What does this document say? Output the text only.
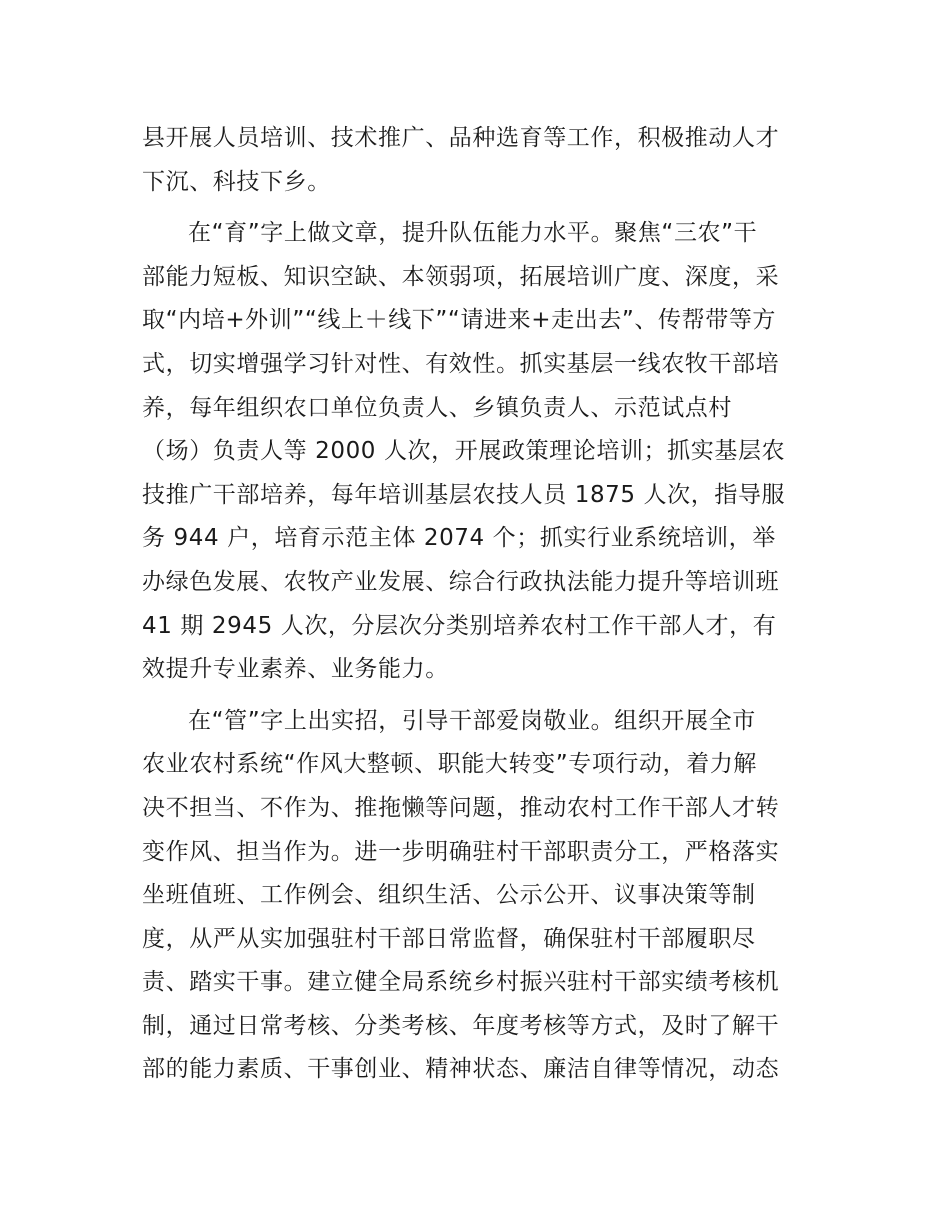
县开展人员培训、技术推广、品种选育等工作，积极推动人才
下沉、科技下乡。

在“育”字上做文章，提升队伍能力水平。聚焦“三农”干
部能力短板、知识空缺、本领弱项，拓展培训广度、深度，采
取“内培+外训”“线上＋线下”“请进来+走出去”、传帮带等方
式，切实增强学习针对性、有效性。抓实基层一线农牧干部培
养，每年组织农口单位负责人、乡镇负责人、示范试点村
（场）负责人等 2000 人次，开展政策理论培训；抓实基层农
技推广干部培养，每年培训基层农技人员 1875 人次，指导服
务 944 户，培育示范主体 2074 个；抓实行业系统培训，举
办绿色发展、农牧产业发展、综合行政执法能力提升等培训班
41 期 2945 人次，分层次分类别培养农村工作干部人才，有
效提升专业素养、业务能力。

在“管”字上出实招，引导干部爱岗敬业。组织开展全市
农业农村系统“作风大整顿、职能大转变”专项行动，着力解
决不担当、不作为、推拖懒等问题，推动农村工作干部人才转
变作风、担当作为。进一步明确驻村干部职责分工，严格落实
坐班值班、工作例会、组织生活、公示公开、议事决策等制
度，从严从实加强驻村干部日常监督，确保驻村干部履职尽
责、踏实干事。建立健全局系统乡村振兴驻村干部实绩考核机
制，通过日常考核、分类考核、年度考核等方式，及时了解干
部的能力素质、干事创业、精神状态、廉洁自律等情况，动态
